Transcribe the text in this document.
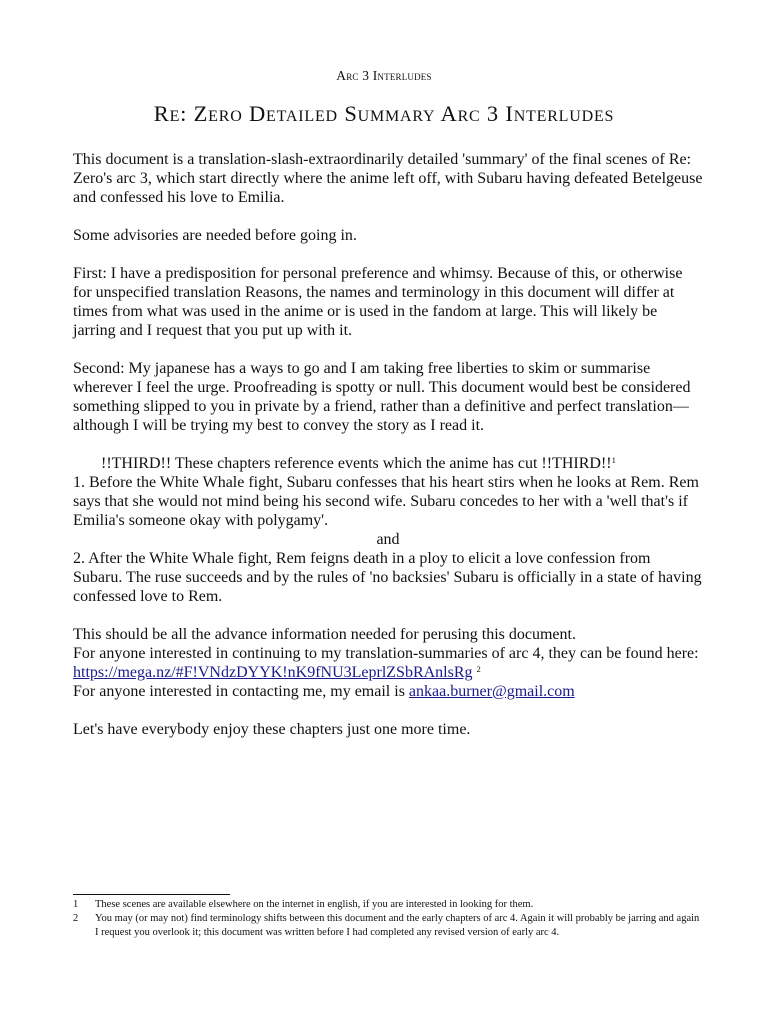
Arc 3 Interludes
Re: Zero Detailed Summary Arc 3 Interludes

This document is a translation-slash-extraordinarily detailed 'summary' of the final scenes of Re: Zero's arc 3, which start directly where the anime left off, with Subaru having defeated Betelgeuse and confessed his love to Emilia.

Some advisories are needed before going in.

First: I have a predisposition for personal preference and whimsy. Because of this, or otherwise for unspecified translation Reasons, the names and terminology in this document will differ at times from what was used in the anime or is used in the fandom at large. This will likely be jarring and I request that you put up with it.

Second: My japanese has a ways to go and I am taking free liberties to skim or summarise wherever I feel the urge. Proofreading is spotty or null. This document would best be considered something slipped to you in private by a friend, rather than a definitive and perfect translation—although I will be trying my best to convey the story as I read it.

!!THIRD!! These chapters reference events which the anime has cut !!THIRD!!$^1$

1. Before the White Whale fight, Subaru confesses that his heart stirs when he looks at Rem. Rem says that she would not mind being his second wife. Subaru concedes to her with a 'well that's if Emilia's someone okay with polygamy'.

and

2. After the White Whale fight, Rem feigns death in a ploy to elicit a love confession from Subaru. The ruse succeeds and by the rules of 'no backsies' Subaru is officially in a state of having confessed love to Rem.

This should be all the advance information needed for perusing this document.

For anyone interested in continuing to my translation-summaries of arc 4, they can be found here: https://mega.nz/#F!VNdzDYYK!nK9fNU3LeprlZSbRAnlsRg $^2$

For anyone interested in contacting me, my email is ankaa.burner@gmail.com

Let's have everybody enjoy these chapters just one more time.

1	These scenes are available elsewhere on the internet in english, if you are interested in looking for them.
2	You may (or may not) find terminology shifts between this document and the early chapters of arc 4. Again it will probably be jarring and again I request you overlook it; this document was written before I had completed any revised version of early arc 4.
